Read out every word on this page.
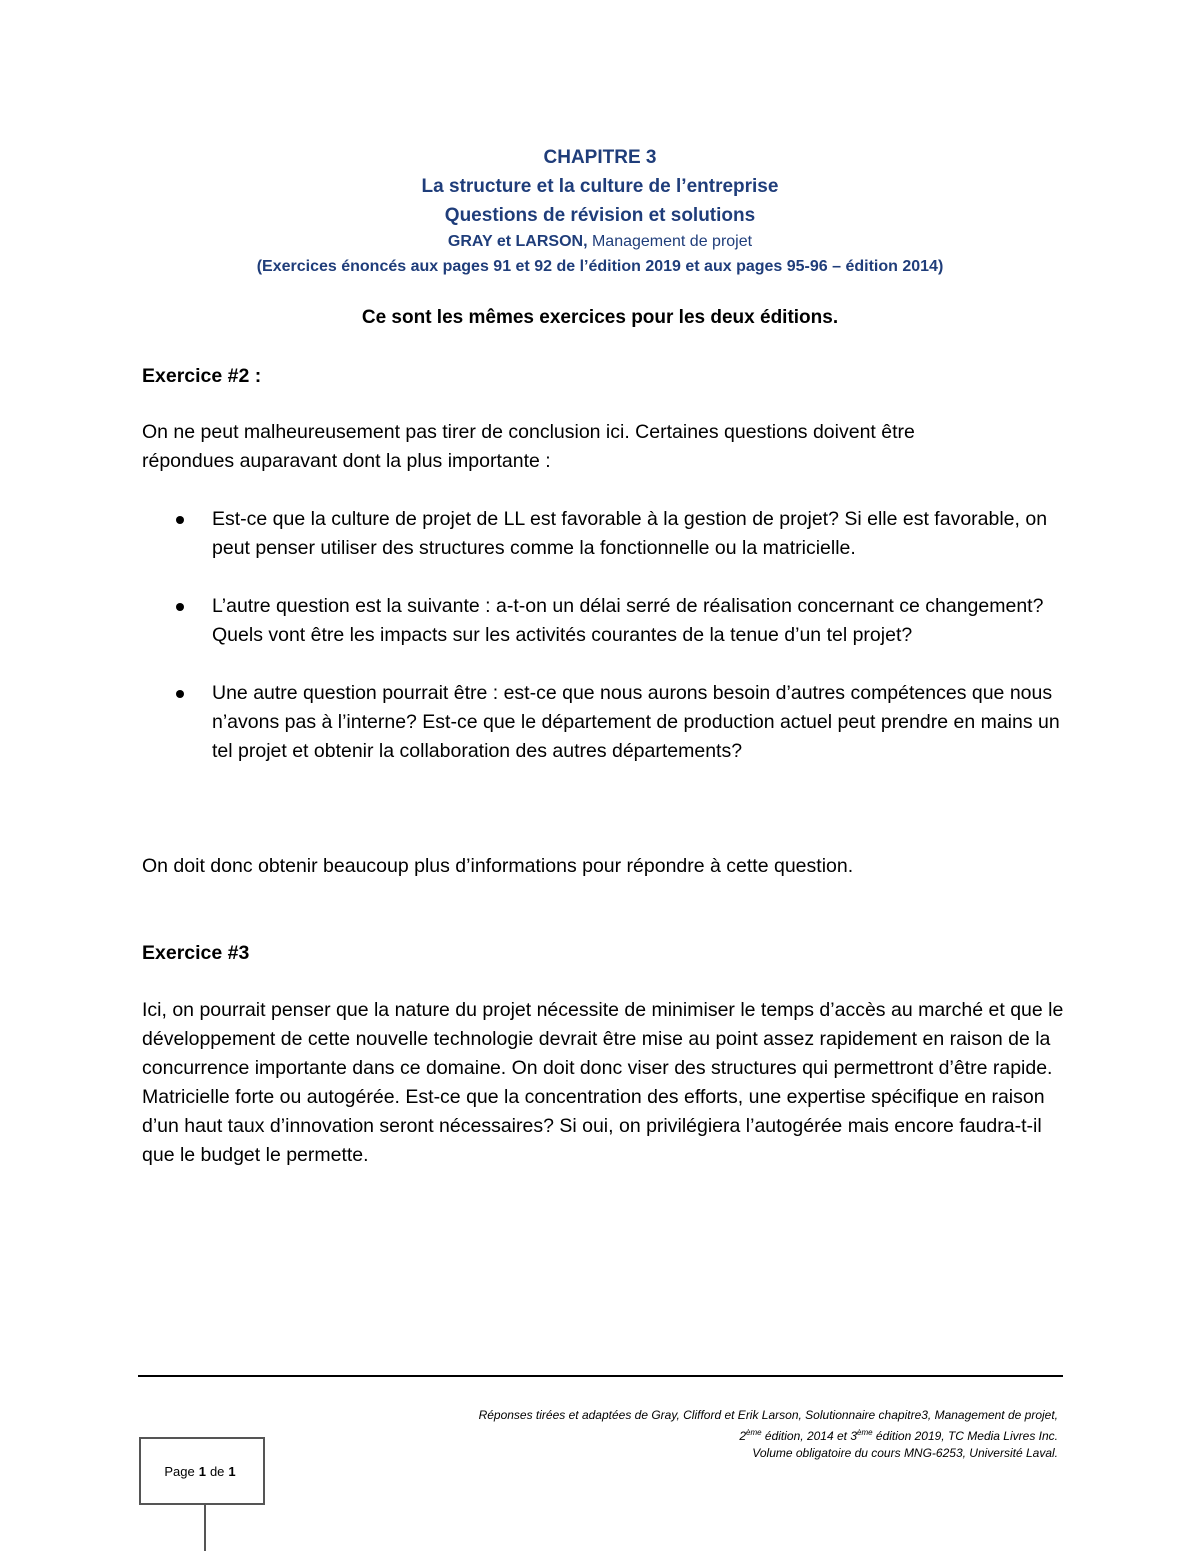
CHAPITRE 3
La structure et la culture de l’entreprise
Questions de révision et solutions
GRAY et LARSON, Management de projet
(Exercices énoncés aux pages 91 et 92 de l’édition 2019 et aux pages 95-96 – édition 2014)
Ce sont les mêmes exercices pour les deux éditions.
Exercice #2 :
On ne peut malheureusement pas tirer de conclusion ici. Certaines questions doivent être
répondues auparavant dont la plus importante :
Est-ce que la culture de projet de LL est favorable à la gestion de projet? Si elle est favorable, on peut penser utiliser des structures comme la fonctionnelle ou la matricielle.
L’autre question est la suivante : a-t-on un délai serré de réalisation concernant ce changement? Quels vont être les impacts sur les activités courantes de la tenue d’un tel projet?
Une autre question pourrait être : est-ce que nous aurons besoin d’autres compétences que nous n’avons pas à l’interne? Est-ce que le département de production actuel peut prendre en mains un tel projet et obtenir la collaboration des autres départements?
On doit donc obtenir beaucoup plus d’informations pour répondre à cette question.
Exercice #3
Ici, on pourrait penser que la nature du projet nécessite de minimiser le temps d’accès au marché et que le développement de cette nouvelle technologie devrait être mise au point assez rapidement en raison de la concurrence importante dans ce domaine. On doit donc viser des structures qui permettront d’être rapide. Matricielle forte ou autogérée. Est-ce que la concentration des efforts, une expertise spécifique en raison d’un haut taux d’innovation seront nécessaires? Si oui, on privilégiera l’autogérée mais encore faudra-t-il que le budget le permette.
Réponses tirées et adaptées de Gray, Clifford et Erik Larson, Solutionnaire chapitre3, Management de projet,
2ème édition, 2014 et 3ème édition 2019, TC Media Livres Inc.
Volume obligatoire du cours MNG-6253, Université Laval.
Page 1 de 1
